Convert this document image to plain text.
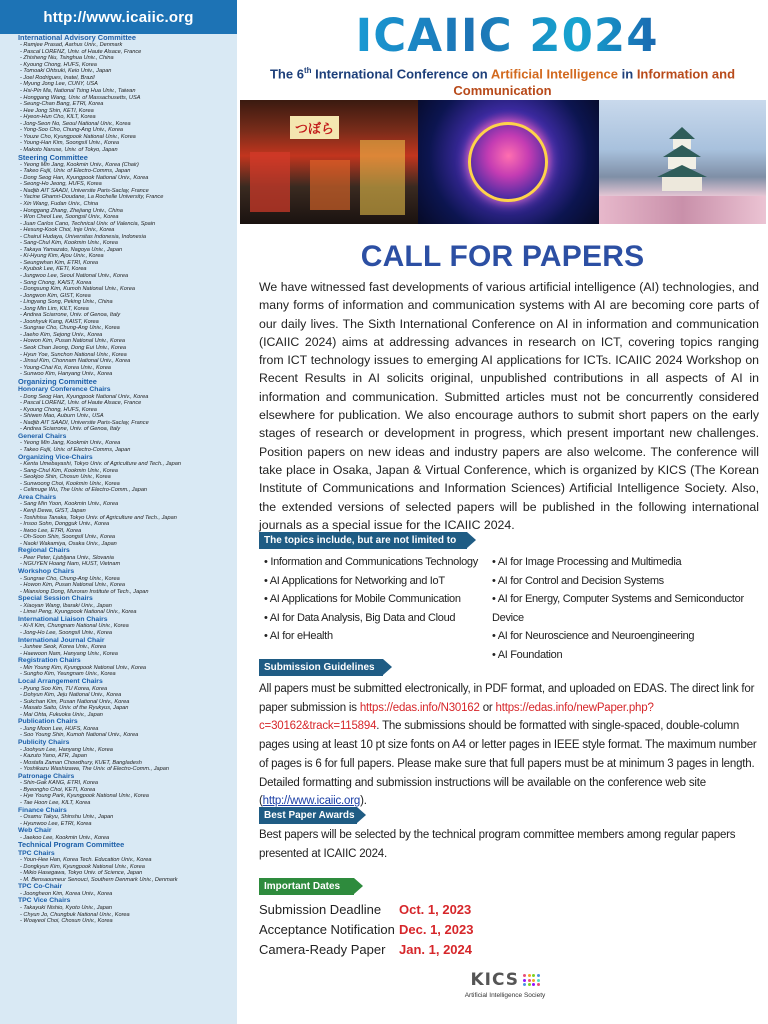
http://www.icaiic.org
International Advisory Committee
- Ramjee Prasad, Aarhus Univ., Denmark
- Pascal LORENZ, Univ. of Haute Alsace, France
- Zhisheng Niu, Tsinghua Univ., China
- Kyoung Chong, HUFS, Korea
- Tomoaki Ohtsuki, Keio Univ., Japan
- Joel Rodrigues, Inatel, Brazil
- Myung Jong Lee, CUNY, USA
- Hsi-Pin Ma, National Tsing Hua Univ., Taiwan
- Honggang Wang, Univ. of Massachusetts, USA
- Seung-Chan Bang, ETRI, Korea
- Hee Jong Shin, KETI, Korea
- Hyeon-Hun Cho, KILT, Korea
- Jong-Seon No, Seoul National Univ., Korea
- Yong-Soo Cho, Chung-Ang Univ., Korea
- Youze Cho, Kyungpook National Univ., Korea
- Young-Han Kim, Soongsil Univ., Korea
- Makoto Naruse, Univ. of Tokyo, Japan
Steering Committee
- Yeong Min Jang, Kookmin Univ., Korea (Chair)
- Takeo Fujii, Univ. of Electro-Comms, Japan
- Dong Seog Han, Kyungpook National Univ., Korea
- Seong-Ho Jeong, HUFS, Korea
- Nadjib AIT SAADI, Universite Paris-Saclay, France
- Yacine Ghamri-Doudane, La Rochelle University, France
- Xin Wang, Fudan Univ., China
- Honggang Zhang, Zhejiang Univ., China
- Won Cheol Lee, Soongsil Univ., Korea
- Juan Carlos Cano, Technical Univ. of Valencia, Spain
- Hesung-Kook Choi, Inje Univ., Korea
- Chairul Hudaya, Universitas Indonesia, Indonesia
- Sang-Chul Kim, Kookmin Univ., Korea
- Takaya Yamazato, Nagoya Univ., Japan
- Ki-Hyung Kim, Ajou Univ., Korea
- Seungwhan Kim, ETRI, Korea
- Kyubok Lee, KETI, Korea
- Jungwoo Lee, Seoul National Univ., Korea
- Song Chong, KAIST, Korea
- Dongsung Kim, Kumoh National Univ., Korea
- Jongwon Kim, GIST, Korea
- Lingyang Song, Peking Univ., China
- Jong Min Lim, KILT, Korea
- Andrea Sciarrone, Univ. of Genoa, Italy
- Joonhyuk Kang, KAIST, Korea
- Sungrae Cho, Chung-Ang Univ., Korea
- Jaeho Kim, Sejong Univ., Korea
- Howon Kim, Pusan National Univ., Korea
- Seok Chan Jeong, Dong Eui Univ., Korea
- Hyun Yoe, Sunchon National Univ., Korea
- Jinsul Kim, Chonnam National Univ., Korea
- Young-Chai Ko, Korea Univ., Korea
- Sunwoo Kim, Hanyang Univ., Korea
Organizing Committee
Honorary Conference Chairs
- Dong Seog Han, Kyungpook National Univ., Korea
- Pascal LORENZ, Univ. of Haute Alsace, France
- Kyoung Chong, HUFS, Korea
- Shiwen Mao, Auburn Univ., USA
- Nadjib AIT SAADI, Universite Paris-Saclay, France
- Andrea Sciarrone, Univ. of Genoa, Italy
General Chairs
- Yeong Min Jang, Kookmin Univ., Korea
- Takeo Fujii, Univ. of Electro-Comms, Japan
Organizing Vice-Chairs
- Kenta Umebayashi, Tokyo Univ. of Agriculture and Tech., Japan
- Sang-Chul Kim, Kookmin Univ., Korea
- Seokjoo Shin, Chosun Univ., Korea
- Sunwoong Choi, Kookmin Univ., Korea
- Celimuge Wu, The Univ. of Electro-Comm., Japan
Area Chairs
- Sang Min Yoon, Kookmin Univ., Korea
- Kenji Dewa, GIST, Japan
- Toshihisa Tanaka, Tokyo Univ. of Agriculture and Tech., Japan
- Insoo Sohn, Dongguk Univ., Korea
- Iiwoo Lee, ETRI, Korea
- Oh-Soon Shin, Soongsil Univ., Korea
- Naoki Wakamiya, Osaka Univ., Japan
Regional Chairs
- Peer Peter, Ljubljana Univ., Slovania
- NGUYEN Hoang Nam, HUST, Vietnam
Workshop Chairs
- Sungrae Cho, Chung-Ang Univ., Korea
- Howon Kim, Pusan National Univ., Korea
- Mianxiong Dong, Muroran Institute of Tech., Japan
Special Session Chairs
- Xiaoyan Wang, Ibaraki Univ., Japan
- Limei Peng, Kyungpook National Univ., Korea
International Liaison Chairs
- Ki-Il Kim, Chungnam National Univ., Korea
- Jong-Ho Lee, Soongsil Univ., Korea
International Journal Chair
- Junhee Seok, Korea Univ., Korea
- Haewoon Nam, Hanyang Univ., Korea
Registration Chairs
- Min Young Kim, Kyungpook National Univ., Korea
- Sungho Kim, Yeungnam Univ., Korea
Local Arrangement Chairs
- Pyung Soo Kim, TU Korea, Korea
- Dohyun Kim, Jeju National Univ., Korea
- Sukchan Kim, Pusan National Univ., Korea
- Masato Saito, Univ. of the Ryukyus, Japan
- Mai Ohta, Fukuoka Univ., Japan
Publication Chairs
- Jung Moon Lee, HUFS, Korea
- Soo Young Shin, Kumoh National Univ., Korea
Publicity Chairs
- Joohyun Lee, Hanyang Univ., Korea
- Kazuto Yano, ATR, Japan
- Mostafa Zaman Chowdhury, KUET, Bangladesh
- Yoshikazu Washizawa, The Univ. of Electro-Comm., Japan
Patronage Chairs
- Shin-Gak KANG, ETRI, Korea
- Byeongho Choi, KETI, Korea
- Hye Young Park, Kyungpook National Univ., Korea
- Tae Hoon Lee, KILT, Korea
Finance Chairs
- Osamu Takyu, Shinshu Univ., Japan
- Hyunwoo Lee, ETRI, Korea
Web Chair
- Jaekoo Lee, Kookmin Univ., Korea
Technical Program Committee
TPC Chairs
- Youn-Hee Han, Korea Tech. Education Univ., Korea
- Dongkyun Kim, Kyungpook National Univ., Korea
- Mikio Hasegawa, Tokyo Univ. of Science, Japan
- M. Bensaoumeur Senouci, Southern Denmark Univ., Denmark
TPC Co-Chair
- Joongheon Kim, Korea Univ., Korea
TPC Vice Chairs
- Takayuki Nishio, Kyoto Univ., Japan
- Chyun Jo, Chungbuk National Univ., Korea
- Woayeol Choi, Chosun Univ., Korea
ICAIIC 2024
The 6th International Conference on Artificial Intelligence in Information and Communication
つぼら
CALL FOR PAPERS
We have witnessed fast developments of various artificial intelligence (AI) technologies, and many forms of information and communication systems with AI are becoming core parts of our daily lives. The Sixth International Conference on AI in information and communication (ICAIIC 2024) aims at addressing advances in research on ICT, covering topics ranging from ICT technology issues to emerging AI applications for ICTs. ICAIIC 2024 Workshop on Recent Results in AI solicits original, unpublished contributions in all aspects of AI in information and communication. Submitted articles must not be concurrently considered elsewhere for publication. We also encourage authors to submit short papers on the early stages of research or development in progress, which present important new challenges. Position papers on new ideas and industry papers are also welcome. The conference will take place in Osaka, Japan & Virtual Conference, which is organized by KICS (The Korean Institute of Communications and Information Sciences) Artificial Intelligence Society. Also, the extended versions of selected papers will be published in the following international journals as a special issue for the ICAIIC 2024.
The topics include, but are not limited to
• Information and Communications Technology
• AI Applications for Networking and IoT
• AI Applications for Mobile Communication
• AI for Data Analysis, Big Data and Cloud
• AI for eHealth
• AI for Image Processing and Multimedia
• AI for Control and Decision Systems
• AI for Energy, Computer Systems and Semiconductor Device
• AI for Neuroscience and Neuroengineering
• AI Foundation
Submission Guidelines
All papers must be submitted electronically, in PDF format, and uploaded on EDAS. The direct link for paper submission is https://edas.info/N30162 or https://edas.info/newPaper.php?c=30162&track=115894. The submissions should be formatted with single-spaced, double-column pages using at least 10 pt size fonts on A4 or letter pages in IEEE style format. The maximum number of pages is 6 for full papers. Please make sure that full papers must be at minimum 3 pages in length. Detailed formatting and submission instructions will be available on the conference web site (http://www.icaiic.org).
Best Paper Awards
Best papers will be selected by the technical program committee members among regular papers presented at ICAIIC 2024.
Important Dates
Submission Deadline	Oct. 1, 2023
Acceptance Notification Dec. 1, 2023
Camera-Ready Paper	Jan. 1, 2024
KICS
Artificial Intelligence Society
